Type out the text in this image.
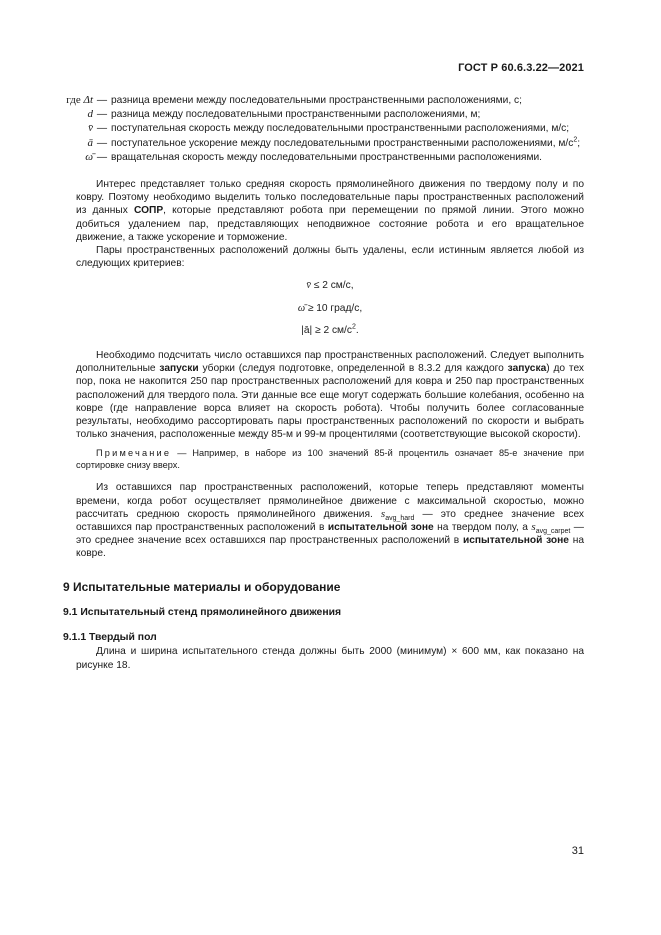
ГОСТ Р 60.6.3.22—2021
где Δt — разница времени между последовательными пространственными расположениями, с;
d — разница между последовательными пространственными расположениями, м;
v̄ — поступательная скорость между последовательными пространственными расположениями, м/с;
ā — поступательное ускорение между последовательными пространственными расположениями, $м/с^2$;
ω̄ — вращательная скорость между последовательными пространственными расположениями.

Интерес представляет только средняя скорость прямолинейного движения по твердому полу и по ковру. Поэтому необходимо выделить только последовательные пары пространственных расположений из данных СОПР, которые представляют робота при перемещении по прямой линии. Этого можно добиться удалением пар, представляющих неподвижное состояние робота и его вращательное движение, а также ускорение и торможение.

Пары пространственных расположений должны быть удалены, если истинным является любой из следующих критериев:

v̄ ≤ 2 см/с,

ω̄ ≥ 10 град/с,

|ā| ≥ 2 $см/с^2$.

Необходимо подсчитать число оставшихся пар пространственных расположений. Следует выполнить дополнительные запуски уборки (следуя подготовке, определенной в 8.3.2 для каждого запуска) до тех пор, пока не накопится 250 пар пространственных расположений для ковра и 250 пар пространственных расположений для твердого пола. Эти данные все еще могут содержать большие колебания, особенно на ковре (где направление ворса влияет на скорость робота). Чтобы получить более согласованные результаты, необходимо рассортировать пары пространственных расположений по скорости и выбрать только значения, расположенные между 85-м и 99-м процентилями (соответствующие высокой скорости).

Примечание — Например, в наборе из 100 значений 85-й процентиль означает 85-е значение при сортировке снизу вверх.

Из оставшихся пар пространственных расположений, которые теперь представляют моменты времени, когда робот осуществляет прямолинейное движение с максимальной скоростью, можно рассчитать среднюю скорость прямолинейного движения. $s_{avg\_hard}$ — это среднее значение всех оставшихся пар пространственных расположений в испытательной зоне на твердом полу, а $s_{avg\_carpet}$ — это среднее значение всех оставшихся пар пространственных расположений в испытательной зоне на ковре.

9 Испытательные материалы и оборудование
9.1 Испытательный стенд прямолинейного движения
9.1.1 Твердый пол

Длина и ширина испытательного стенда должны быть 2000 (минимум) × 600 мм, как показано на рисунке 18.

31
